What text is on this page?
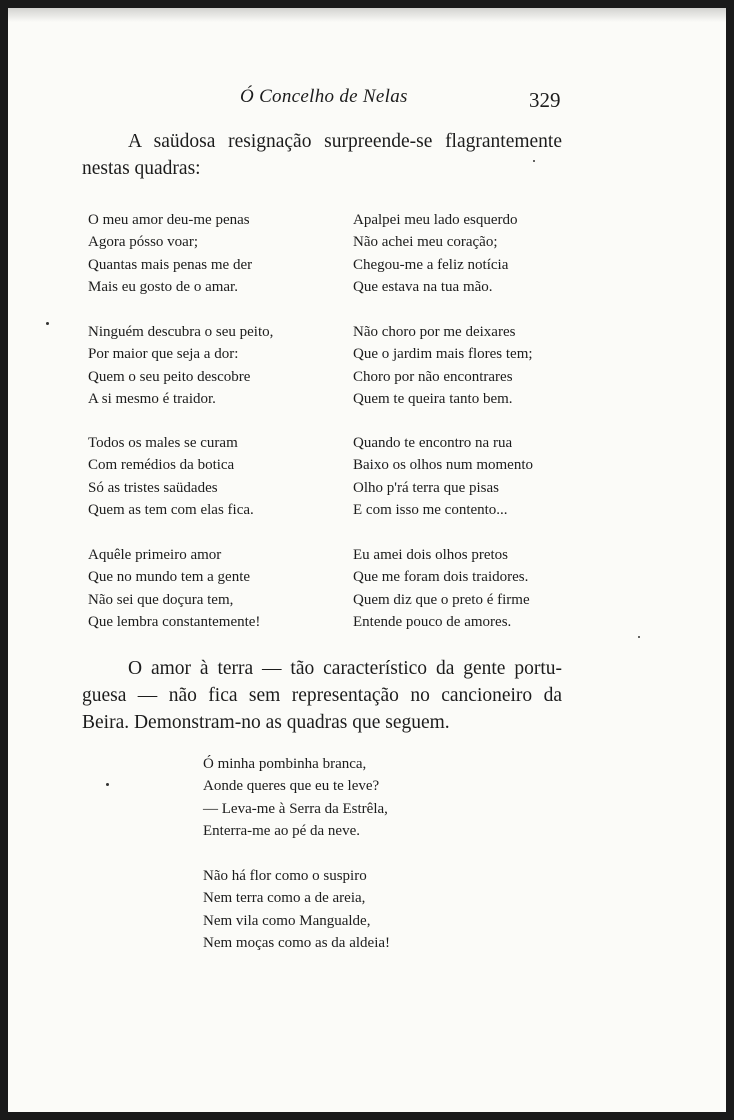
Ó Concelho de Nelas	329
A saüdosa resignação surpreende-se flagrantemente
nestas quadras:
O meu amor deu-me penas
Agora pósso voar;
Quantas mais penas me der
Mais eu gosto de o amar.
Ninguém descubra o seu peito,
Por maior que seja a dor:
Quem o seu peito descobre
A si mesmo é traidor.
Todos os males se curam
Com remédios da botica
Só as tristes saüdades
Quem as tem com elas fica.
Aquêle primeiro amor
Que no mundo tem a gente
Não sei que doçura tem,
Que lembra constantemente!
Apalpei meu lado esquerdo
Não achei meu coração;
Chegou-me a feliz notícia
Que estava na tua mão.
Não choro por me deixares
Que o jardim mais flores tem;
Choro por não encontrares
Quem te queira tanto bem.
Quando te encontro na rua
Baixo os olhos num momento
Olho p'rá terra que pisas
E com isso me contento...
Eu amei dois olhos pretos
Que me foram dois traidores.
Quem diz que o preto é firme
Entende pouco de amores.
O amor à terra — tão característico da gente portu-
guesa — não fica sem representação no cancioneiro da
Beira. Demonstram-no as quadras que seguem.
Ó minha pombinha branca,
Aonde queres que eu te leve?
— Leva-me à Serra da Estrêla,
Enterra-me ao pé da neve.
Não há flor como o suspiro
Nem terra como a de areia,
Nem vila como Mangualde,
Nem moças como as da aldeia!
